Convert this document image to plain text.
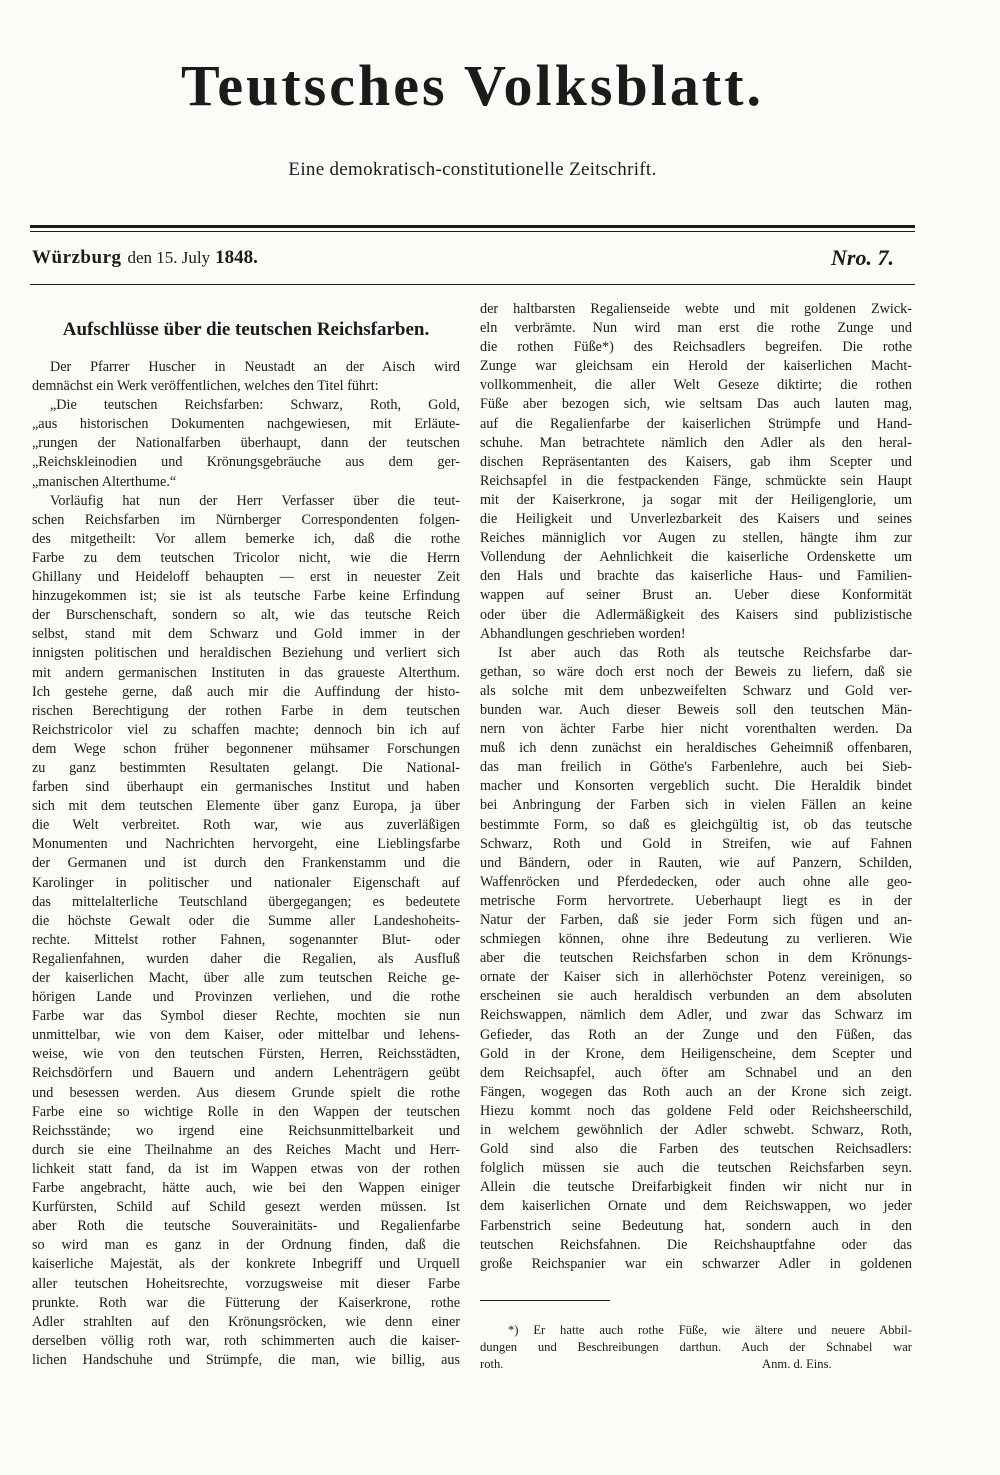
Teutsches Volksblatt.
Eine demokratisch-constitutionelle Zeitschrift.
Würzburg den 15. July 1848.	Nro. 7.
Aufschlüsse über die teutschen Reichsfarben.
Der Pfarrer Huscher in Neustadt an der Aisch wird
demnächst ein Werk veröffentlichen, welches den Titel führt:
„Die teutschen Reichsfarben: Schwarz, Roth, Gold,
„aus historischen Dokumenten nachgewiesen, mit Erläute-
„rungen der Nationalfarben überhaupt, dann der teutschen
„Reichskleinodien und Krönungsgebräuche aus dem ger-
„manischen Alterthume.“
Vorläufig hat nun der Herr Verfasser über die teut-
schen Reichsfarben im Nürnberger Correspondenten folgen-
des mitgetheilt: Vor allem bemerke ich, daß die rothe
Farbe zu dem teutschen Tricolor nicht, wie die Herrn
Ghillany und Heideloff behaupten — erst in neuester Zeit
hinzugekommen ist; sie ist als teutsche Farbe keine Erfindung
der Burschenschaft, sondern so alt, wie das teutsche Reich
selbst, stand mit dem Schwarz und Gold immer in der
innigsten politischen und heraldischen Beziehung und verliert sich
mit andern germanischen Instituten in das graueste Alterthum.
Ich gestehe gerne, daß auch mir die Auffindung der histo-
rischen Berechtigung der rothen Farbe in dem teutschen
Reichstricolor viel zu schaffen machte; dennoch bin ich auf
dem Wege schon früher begonnener mühsamer Forschungen
zu ganz bestimmten Resultaten gelangt. Die National-
farben sind überhaupt ein germanisches Institut und haben
sich mit dem teutschen Elemente über ganz Europa, ja über
die Welt verbreitet. Roth war, wie aus zuverläßigen
Monumenten und Nachrichten hervorgeht, eine Lieblingsfarbe
der Germanen und ist durch den Frankenstamm und die
Karolinger in politischer und nationaler Eigenschaft auf
das mittelalterliche Teutschland übergegangen; es bedeutete
die höchste Gewalt oder die Summe aller Landeshoheits-
rechte. Mittelst rother Fahnen, sogenannter Blut- oder
Regalienfahnen, wurden daher die Regalien, als Ausfluß
der kaiserlichen Macht, über alle zum teutschen Reiche ge-
hörigen Lande und Provinzen verliehen, und die rothe
Farbe war das Symbol dieser Rechte, mochten sie nun
unmittelbar, wie von dem Kaiser, oder mittelbar und lehens-
weise, wie von den teutschen Fürsten, Herren, Reichsstädten,
Reichsdörfern und Bauern und andern Lehenträgern geübt
und besessen werden. Aus diesem Grunde spielt die rothe
Farbe eine so wichtige Rolle in den Wappen der teutschen
Reichsstände; wo irgend eine Reichsunmittelbarkeit und
durch sie eine Theilnahme an des Reiches Macht und Herr-
lichkeit statt fand, da ist im Wappen etwas von der rothen
Farbe angebracht, hätte auch, wie bei den Wappen einiger
Kurfürsten, Schild auf Schild gesezt werden müssen. Ist
aber Roth die teutsche Souverainitäts- und Regalienfarbe
so wird man es ganz in der Ordnung finden, daß die
kaiserliche Majestät, als der konkrete Inbegriff und Urquell
aller teutschen Hoheitsrechte, vorzugsweise mit dieser Farbe
prunkte. Roth war die Fütterung der Kaiserkrone, rothe
Adler strahlten auf den Krönungsröcken, wie denn einer
derselben völlig roth war, roth schimmerten auch die kaiser-
lichen Handschuhe und Strümpfe, die man, wie billig, aus
der haltbarsten Regalienseide webte und mit goldenen Zwick-
eln verbrämte. Nun wird man erst die rothe Zunge und
die rothen Füße*) des Reichsadlers begreifen. Die rothe
Zunge war gleichsam ein Herold der kaiserlichen Macht-
vollkommenheit, die aller Welt Geseze diktirte; die rothen
Füße aber bezogen sich, wie seltsam Das auch lauten mag,
auf die Regalienfarbe der kaiserlichen Strümpfe und Hand-
schuhe. Man betrachtete nämlich den Adler als den heral-
dischen Repräsentanten des Kaisers, gab ihm Scepter und
Reichsapfel in die festpackenden Fänge, schmückte sein Haupt
mit der Kaiserkrone, ja sogar mit der Heiligenglorie, um
die Heiligkeit und Unverlezbarkeit des Kaisers und seines
Reiches männiglich vor Augen zu stellen, hängte ihm zur
Vollendung der Aehnlichkeit die kaiserliche Ordenskette um
den Hals und brachte das kaiserliche Haus- und Familien-
wappen auf seiner Brust an. Ueber diese Konformität
oder über die Adlermäßigkeit des Kaisers sind publizistische
Abhandlungen geschrieben worden!
Ist aber auch das Roth als teutsche Reichsfarbe dar-
gethan, so wäre doch erst noch der Beweis zu liefern, daß sie
als solche mit dem unbezweifelten Schwarz und Gold ver-
bunden war. Auch dieser Beweis soll den teutschen Män-
nern von ächter Farbe hier nicht vorenthalten werden. Da
muß ich denn zunächst ein heraldisches Geheimniß offenbaren,
das man freilich in Göthe's Farbenlehre, auch bei Sieb-
macher und Konsorten vergeblich sucht. Die Heraldik bindet
bei Anbringung der Farben sich in vielen Fällen an keine
bestimmte Form, so daß es gleichgültig ist, ob das teutsche
Schwarz, Roth und Gold in Streifen, wie auf Fahnen
und Bändern, oder in Rauten, wie auf Panzern, Schilden,
Waffenröcken und Pferdedecken, oder auch ohne alle geo-
metrische Form hervortrete. Ueberhaupt liegt es in der
Natur der Farben, daß sie jeder Form sich fügen und an-
schmiegen können, ohne ihre Bedeutung zu verlieren. Wie
aber die teutschen Reichsfarben schon in dem Krönungs-
ornate der Kaiser sich in allerhöchster Potenz vereinigen, so
erscheinen sie auch heraldisch verbunden an dem absoluten
Reichswappen, nämlich dem Adler, und zwar das Schwarz im
Gefieder, das Roth an der Zunge und den Füßen, das
Gold in der Krone, dem Heiligenscheine, dem Scepter und
dem Reichsapfel, auch öfter am Schnabel und an den
Fängen, wogegen das Roth auch an der Krone sich zeigt.
Hiezu kommt noch das goldene Feld oder Reichsheerschild,
in welchem gewöhnlich der Adler schwebt. Schwarz, Roth,
Gold sind also die Farben des teutschen Reichsadlers:
folglich müssen sie auch die teutschen Reichsfarben seyn.
Allein die teutsche Dreifarbigkeit finden wir nicht nur in
dem kaiserlichen Ornate und dem Reichswappen, wo jeder
Farbenstrich seine Bedeutung hat, sondern auch in den
teutschen Reichsfahnen. Die Reichshauptfahne oder das
große Reichspanier war ein schwarzer Adler in goldenen
*) Er hatte auch rothe Füße, wie ältere und neuere Abbil-
dungen und Beschreibungen darthun. Auch der Schnabel war
roth.	Anm. d. Eins.
